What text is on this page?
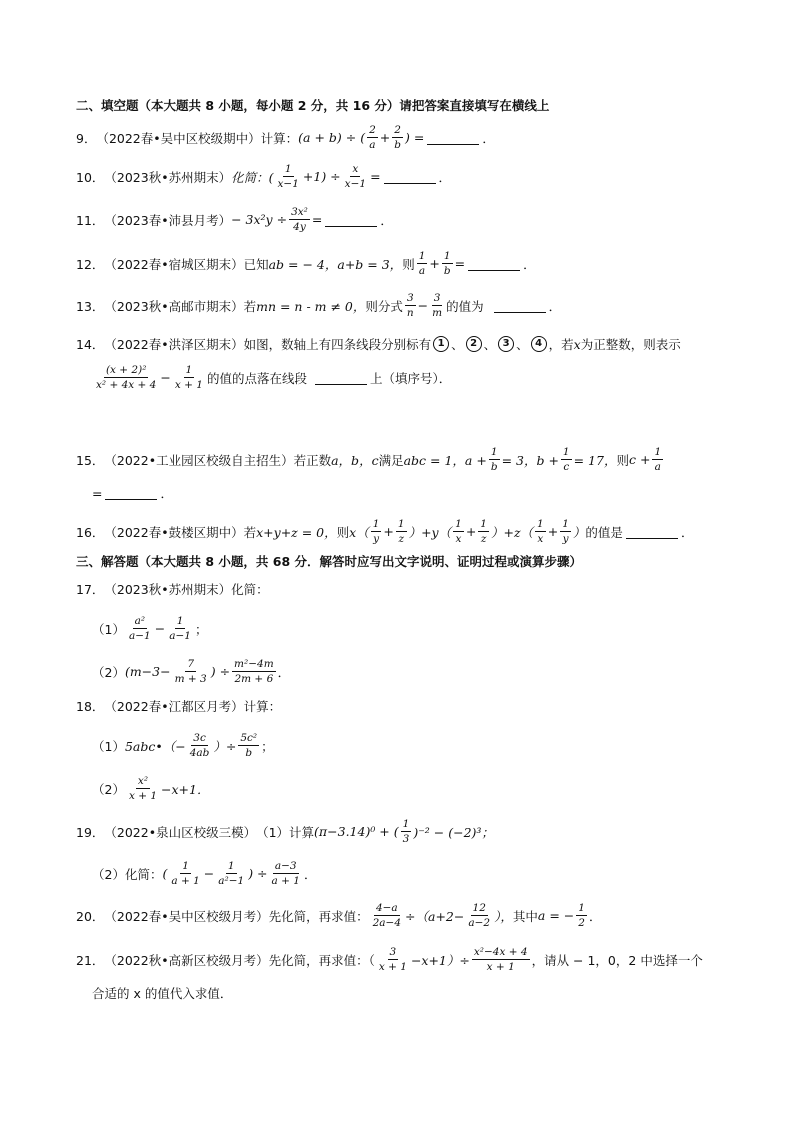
二、填空题（本大题共 8 小题，每小题 2 分，共 16 分）请把答案直接填写在横线上
9． （2022春•吴中区校级期中） 计算： (a + b) ÷ ( $\frac{2}{a} + \frac{2}{b}$ ) =	．
10． （2023秋•苏州期末） 化简：( $\frac{1}{x-1} +1) \div \frac{x}{x-1}$ =	．
11． （2023春•沛县月考） − $3x^2y \div \frac{\text{3x²}}{4y}$ =	．
12． （2022春•宿城区期末） 已知 ab = − 4，a+b = 3， 则 $\frac{1}{a} + \frac{1}{b}$ =	．
13． （2023秋•高邮市期末） 若 mn = n - m ≠ 0， 则分式 $\frac{3}{n} - \frac{3}{m}$ 的值为	．
14． （2022春•洪泽区期末） 如图，数轴上有四条线段分别标有 1 、 2 、 3 、 4 ，若 x 为正整数，则表示
$\frac{\text{(x + 2)²}}{\text{x² + 4x + 4}} - \frac{1}{x + 1}$ 的值的点落在线段	上（填序号）．
15． （2022•工业园区校级自主招生） 若正数 a，b，c 满足 abc = 1，$a + \frac{1}{b} = 3$，$b + \frac{1}{c} = 17$， 则 $c + \frac{1}{a}$
=	．
16． （2022春•鼓楼区期中） 若 x+y+z = 0， 则 $x( \frac{1}{y} + \frac{1}{z} )+y( \frac{1}{x} + \frac{1}{z} )+z( \frac{1}{x} + \frac{1}{y}$ ） 的值是	．
三、解答题（本大题共 8 小题，共 68 分．解答时应写出文字说明、证明过程或演算步骤）
17． （2023秋•苏州期末） 化简：
$(1) \frac{\text{a²}}{a-1} - \frac{1}{a-1}$ ；
（2） ($m-3- \frac{7}{m + 3}$ ) ÷ $\frac{\text{m²−4m}}{2m + 6}$ ．
18． （2022春•江都区月考） 计算：
（1） 5abc•（− $\frac{3c}{4ab}$ ）÷ $\frac{\text{5c²}}{b}$ ；
$(2) \frac{\text{x²}}{x + 1} -x+1$．
19． （2022•泉山区校级三模） （1）计算 (π−3.14)⁰ + ( $\frac{1}{3} )^{-2} - (-2)^3$；
（2）化简： ( $\frac{1}{a + 1} - \frac{1}{\text{a²−1}}$ ) ÷ $\frac{a-3}{a + 1}$ ．
20． （2022春•吴中区校级月考） 先化简，再求值： $\frac{4-a}{2a-4} \div(a+2- \frac{12}{a-2}$ ）， 其中 a = − $\frac{1}{2}$ ．
21． （2022秋•高新区校级月考） 先化简，再求值：（ $\frac{3}{x + 1} -x+1)\div \frac{\text{x²−4x + 4}}{x + 1}$ ，请从 − 1，0，2 中选择一个
合适的 x 的值代入求值．
